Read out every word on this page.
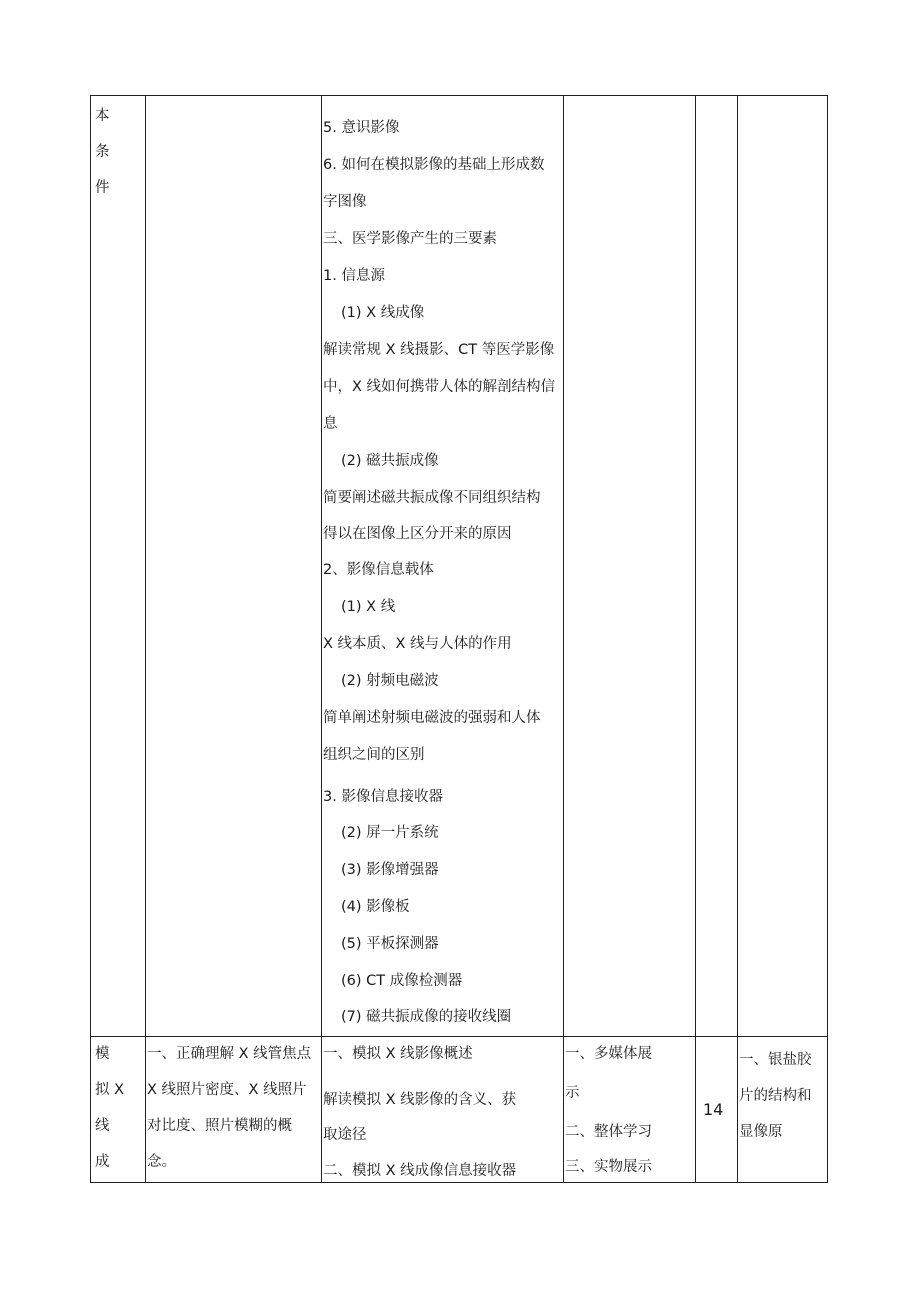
本
条
件
5. 意识影像
6. 如何在模拟影像的基础上形成数
字图像
三、医学影像产生的三要素
1. 信息源
(1) X 线成像
解读常规 X 线摄影、CT 等医学影像
中，X 线如何携带人体的解剖结构信
息
(2) 磁共振成像
简要阐述磁共振成像不同组织结构
得以在图像上区分开来的原因
2、影像信息载体
(1) X 线
X 线本质、X 线与人体的作用
(2) 射频电磁波
简单阐述射频电磁波的强弱和人体
组织之间的区别
3. 影像信息接收器
(2) 屏一片系统
(3) 影像增强器
(4) 影像板
(5) 平板探测器
(6) CT 成像检测器
(7) 磁共振成像的接收线圈
模
拟 X
线
成
一、正确理解 X 线管焦点
X 线照片密度、X 线照片
对比度、照片模糊的概
念。
一、模拟 X 线影像概述
解读模拟 X 线影像的含义、获
取途径
二、模拟 X 线成像信息接收器
一、多媒体展
示
二、整体学习
三、实物展示
14
一、银盐胶
片的结构和
显像原
